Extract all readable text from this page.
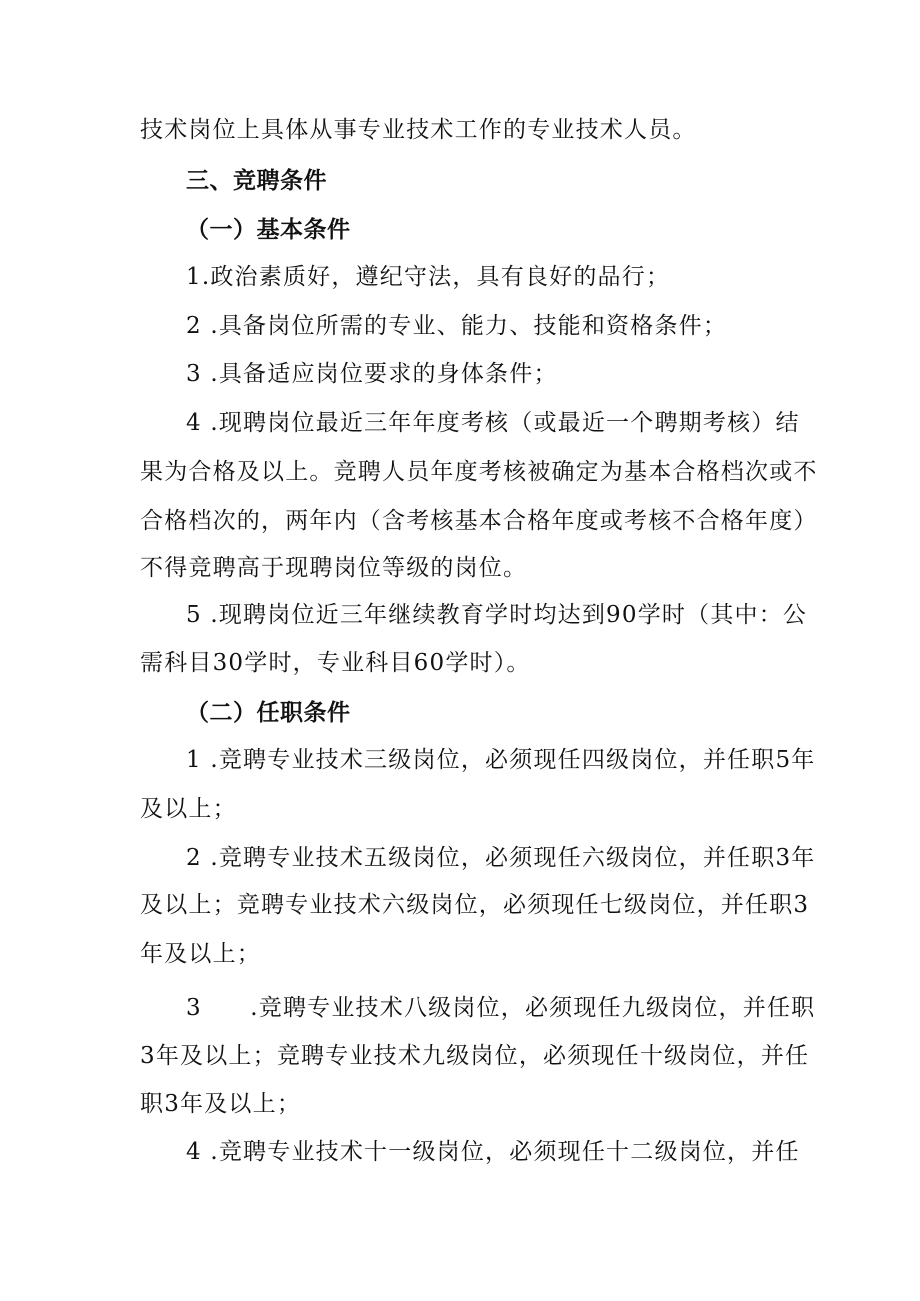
技术岗位上具体从事专业技术工作的专业技术人员。
三、竞聘条件
（一）基本条件
1.政治素质好，遵纪守法，具有良好的品行；
2 .具备岗位所需的专业、能力、技能和资格条件；
3 .具备适应岗位要求的身体条件；
4 .现聘岗位最近三年年度考核（或最近一个聘期考核）结
果为合格及以上。竞聘人员年度考核被确定为基本合格档次或不
合格档次的，两年内（含考核基本合格年度或考核不合格年度）
不得竞聘高于现聘岗位等级的岗位。
5 .现聘岗位近三年继续教育学时均达到90学时（其中：公
需科目30学时，专业科目60学时）。
（二）任职条件
1 .竞聘专业技术三级岗位，必须现任四级岗位，并任职5年
及以上；
2 .竞聘专业技术五级岗位，必须现任六级岗位，并任职3年
及以上；竞聘专业技术六级岗位，必须现任七级岗位，并任职3
年及以上；
3　　.竞聘专业技术八级岗位，必须现任九级岗位，并任职
3年及以上；竞聘专业技术九级岗位，必须现任十级岗位，并任
职3年及以上；
4 .竞聘专业技术十一级岗位，必须现任十二级岗位，并任
